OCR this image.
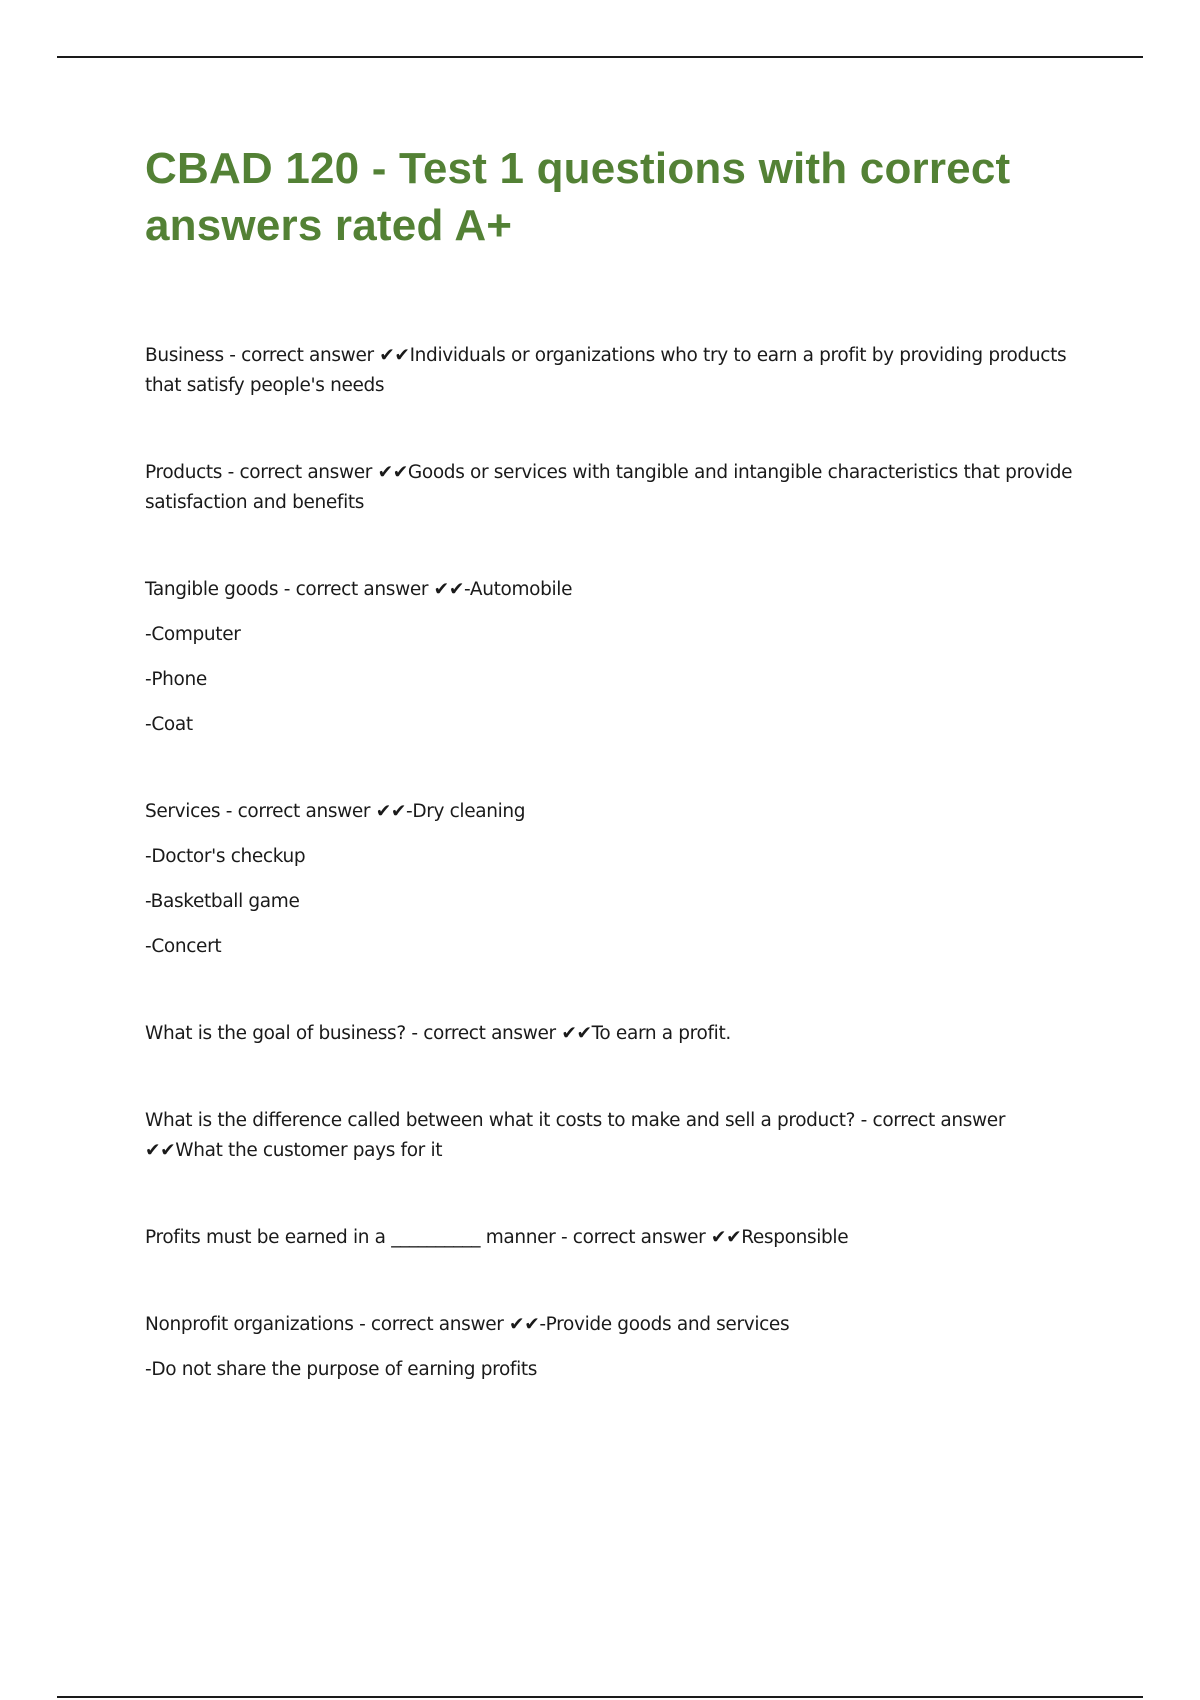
CBAD 120 - Test 1 questions with correct answers rated A+

Business - correct answer ✔✔Individuals or organizations who try to earn a profit by providing products

that satisfy people's needs

Products - correct answer ✔✔Goods or services with tangible and intangible characteristics that provide

satisfaction and benefits

Tangible goods - correct answer ✔✔-Automobile

-Computer

-Phone

-Coat

Services - correct answer ✔✔-Dry cleaning

-Doctor's checkup

-Basketball game

-Concert

What is the goal of business? - correct answer ✔✔To earn a profit.

What is the difference called between what it costs to make and sell a product? - correct answer

✔✔What the customer pays for it

Profits must be earned in a __________ manner - correct answer ✔✔Responsible

Nonprofit organizations - correct answer ✔✔-Provide goods and services

-Do not share the purpose of earning profits
